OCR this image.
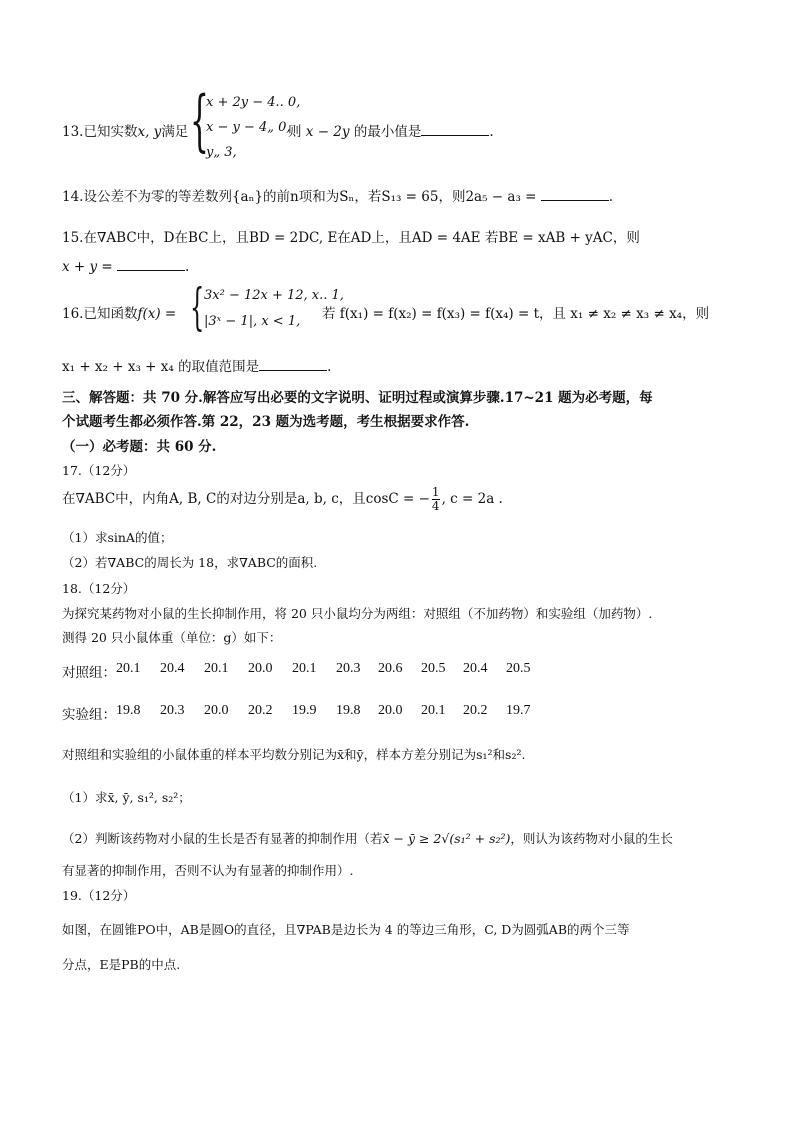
13.已知实数x, y满足 {
x + 2y − 4.. 0,
x − y − 4„ 0,
y„ 3,
则 x − 2y 的最小值是	.
14.设公差不为零的等差数列{aₙ}的前n项和为Sₙ，若S₁₃ = 65，则2a₅ − a₃ =	.
15.在∇ABC中，D在BC上，且BD = 2DC, E在AD上，且AD = 4AE 若BE = xAB + yAC，则
x + y =	.
16.已知函数f(x) = { 3x² − 12x + 12, x.. 1,
|3ˣ − 1|, x < 1, 若 f(x₁) = f(x₂) = f(x₃) = f(x₄) = t，且 x₁ ≠ x₂ ≠ x₃ ≠ x₄，则
x₁ + x₂ + x₃ + x₄ 的取值范围是	.
三、解答题：共 70 分.解答应写出必要的文字说明、证明过程或演算步骤.17~21 题为必考题，每
个试题考生都必须作答.第 22，23 题为选考题，考生根据要求作答.
（一）必考题：共 60 分.
17.（12分）
在∇ABC中，内角A, B, C的对边分别是a, b, c，且cosC = − $\frac{1}{4}$ , c = 2a .
（1）求sinA的值；
（2）若∇ABC的周长为 18，求∇ABC的面积.
18.（12分）
为探究某药物对小鼠的生长抑制作用，将 20 只小鼠均分为两组：对照组（不加药物）和实验组（加药物）.
测得 20 只小鼠体重（单位：g）如下：
对照组： 20.1 20.4 20.1 20.0 20.1 20.3 20.6 20.5 20.4 20.5
实验组： 19.8 20.3 20.0 20.2 19.9 19.8 20.0 20.1 20.2 19.7
对照组和实验组的小鼠体重的样本平均数分别记为x̄和ȳ，样本方差分别记为s₁²和s₂².
（1）求x̄, ȳ, s₁², s₂²；
（2）判断该药物对小鼠的生长是否有显著的抑制作用（若x̄ − ȳ ≥ 2√(s₁² + s₂²)，则认为该药物对小鼠的生长
有显著的抑制作用，否则不认为有显著的抑制作用）.
19.（12分）
如图，在圆锥PO中，AB是圆O的直径，且∇PAB是边长为 4 的等边三角形，C, D为圆弧AB的两个三等
分点，E是PB的中点.
